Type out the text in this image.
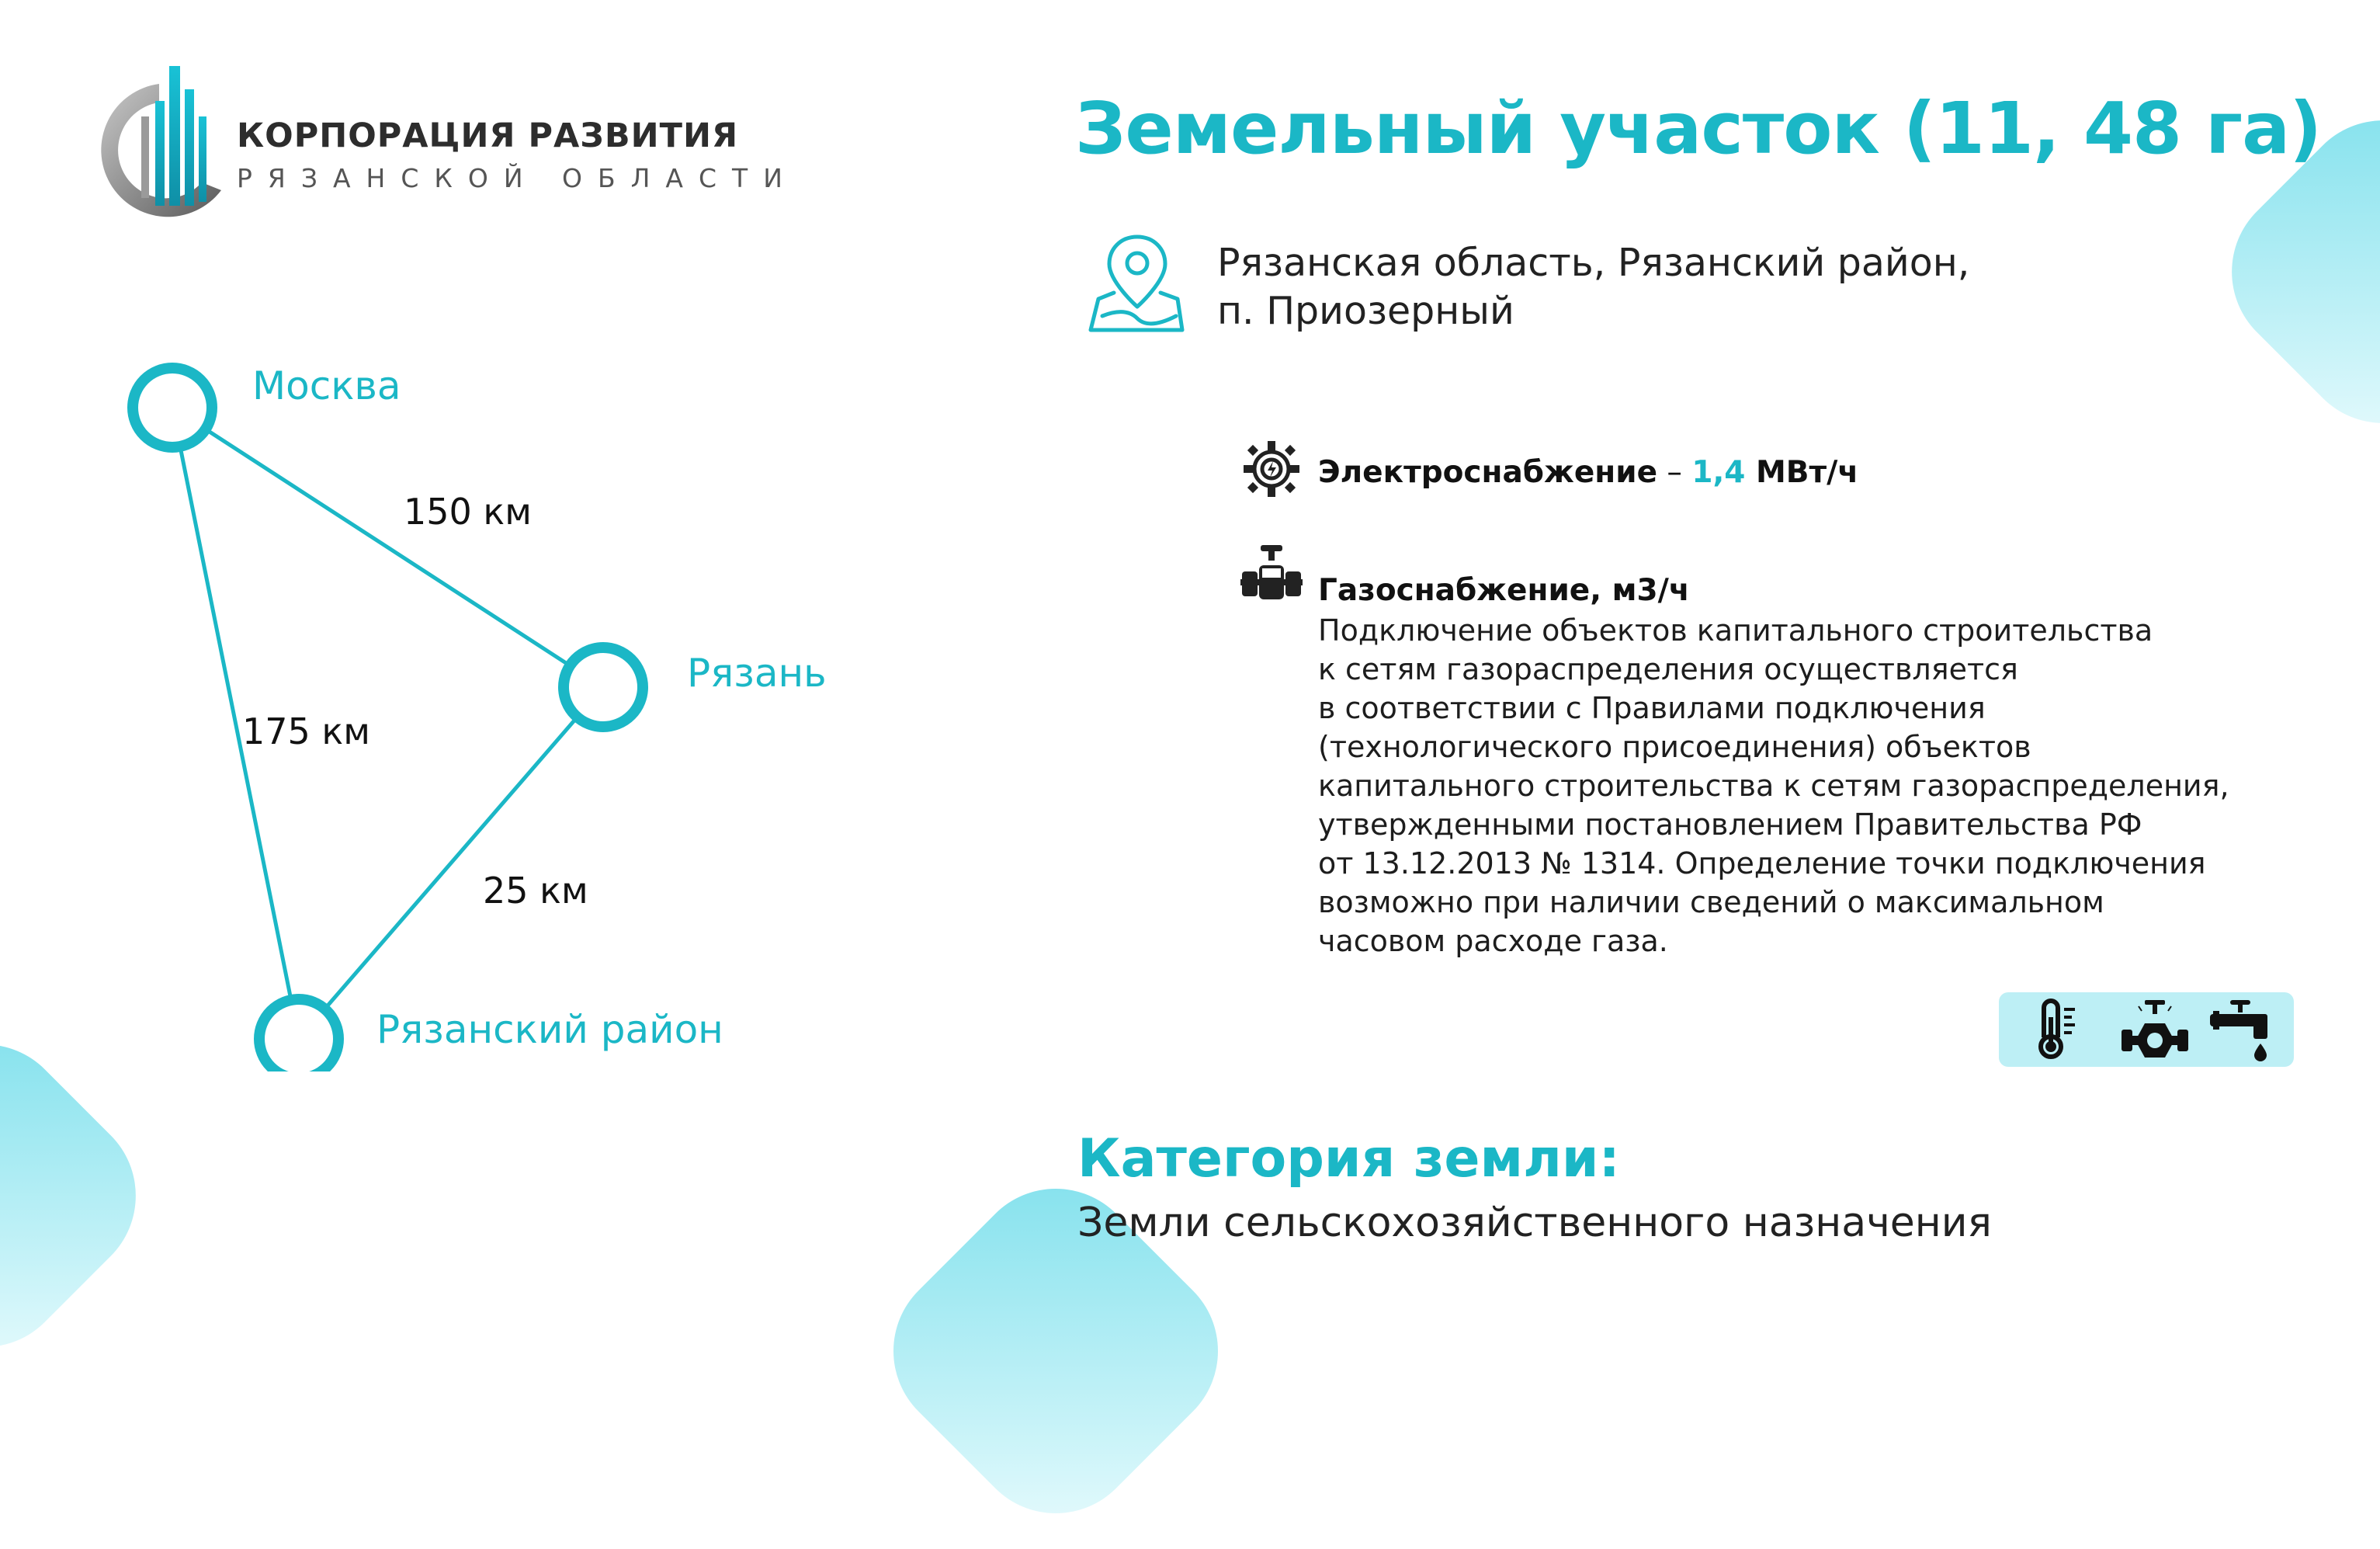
КОРПОРАЦИЯ РАЗВИТИЯ
РЯЗАНСКОЙ ОБЛАСТИ
Земельный участок (11, 48 га)
Рязанская область, Рязанский район,
п. Приозерный
Москва
Рязань
Рязанский район
150 км
175 км
25 км
Электроснабжение – 1,4 МВт/ч
Газоснабжение, м3/ч
Подключение объектов капитального строительства
к сетям газораспределения осуществляется
в соответствии с Правилами подключения
(технологического присоединения) объектов
капитального строительства к сетям газораспределения,
утвержденными постановлением Правительства РФ
от 13.12.2013 № 1314. Определение точки подключения
возможно при наличии сведений о максимальном
часовом расходе газа.
Категория земли:
Земли сельскохозяйственного назначения
